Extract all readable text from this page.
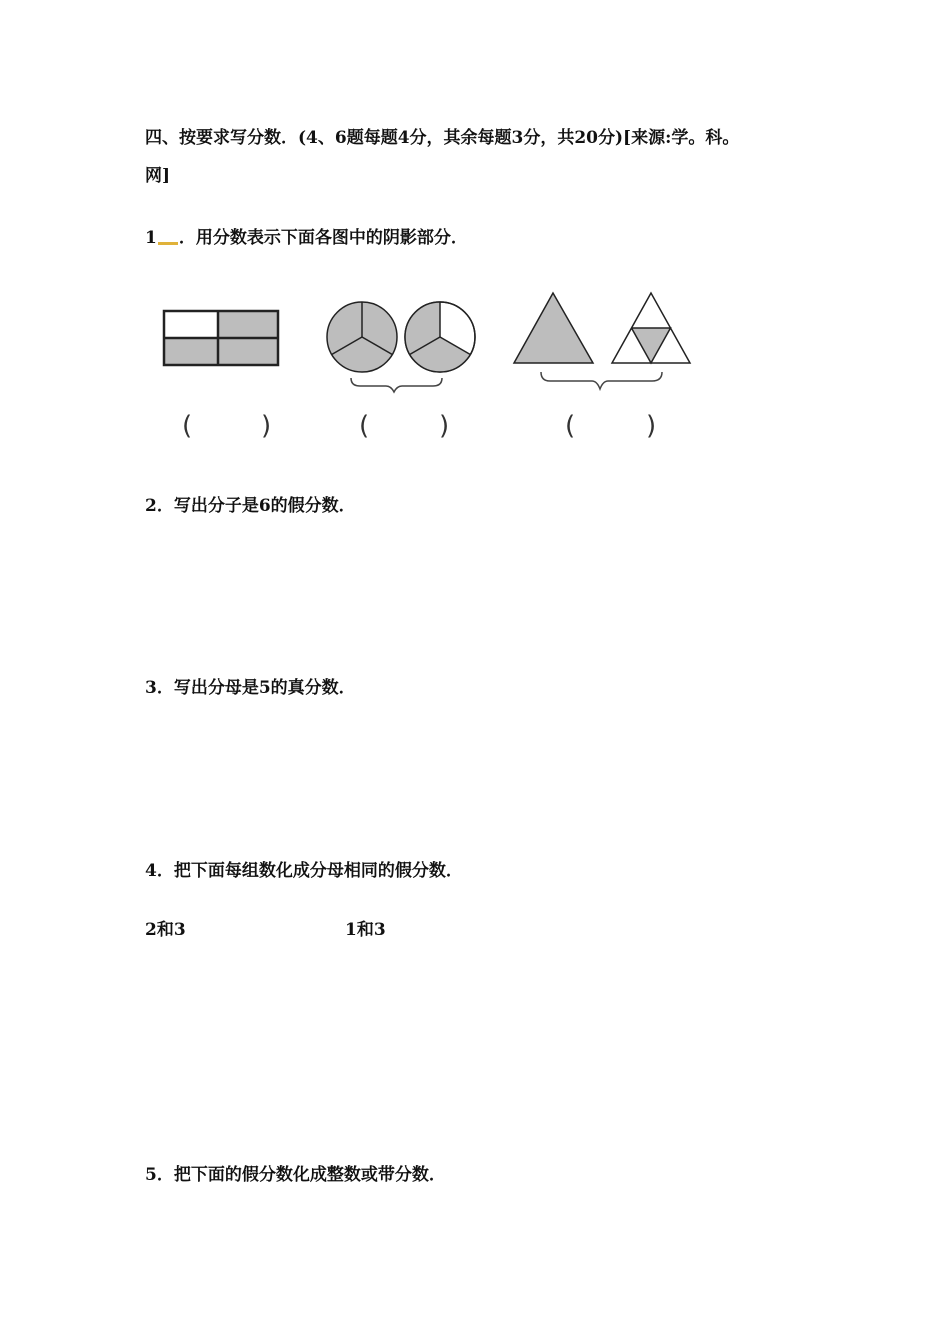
四、按要求写分数．(4、6题每题4分，其余每题3分，共20分)[来源:学。科。
网]
1 ．用分数表示下面各图中的阴影部分．
(	)	(	)	(	)
2．写出分子是6的假分数．
3．写出分母是5的真分数．
4．把下面每组数化成分母相同的假分数．
2和3	1和3
5．把下面的假分数化成整数或带分数．
